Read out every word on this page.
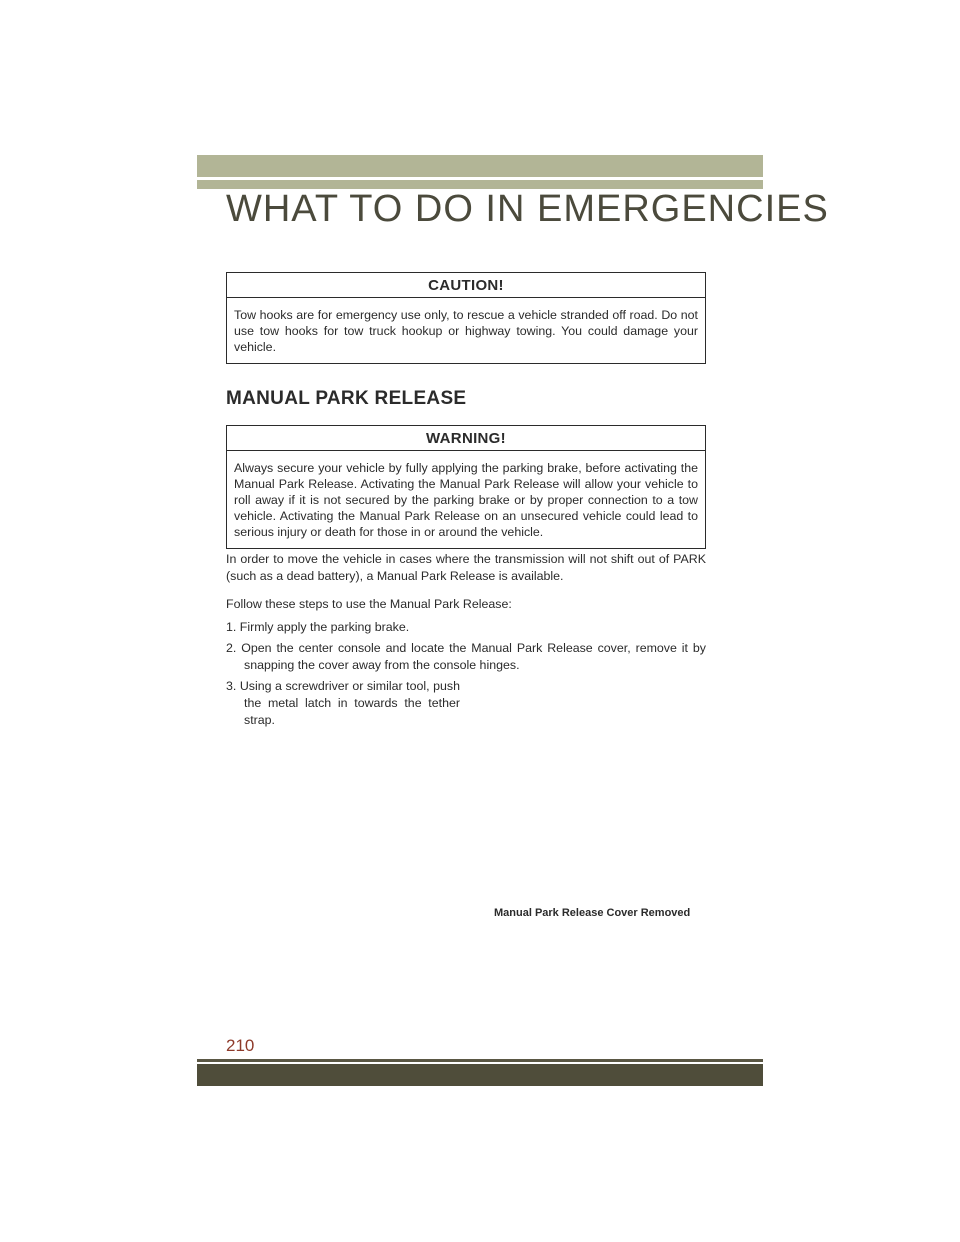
WHAT TO DO IN EMERGENCIES
CAUTION!
Tow hooks are for emergency use only, to rescue a vehicle stranded off road. Do not use tow hooks for tow truck hookup or highway towing. You could damage your vehicle.
MANUAL PARK RELEASE
WARNING!
Always secure your vehicle by fully applying the parking brake, before activating the Manual Park Release. Activating the Manual Park Release will allow your vehicle to roll away if it is not secured by the parking brake or by proper connection to a tow vehicle. Activating the Manual Park Release on an unsecured vehicle could lead to serious injury or death for those in or around the vehicle.
In order to move the vehicle in cases where the transmission will not shift out of PARK (such as a dead battery), a Manual Park Release is available.
Follow these steps to use the Manual Park Release:
1. Firmly apply the parking brake.
2. Open the center console and locate the Manual Park Release cover, remove it by snapping the cover away from the console hinges.
3. Using a screwdriver or similar tool, push the metal latch in towards the tether strap.
Manual Park Release Cover Removed
210
